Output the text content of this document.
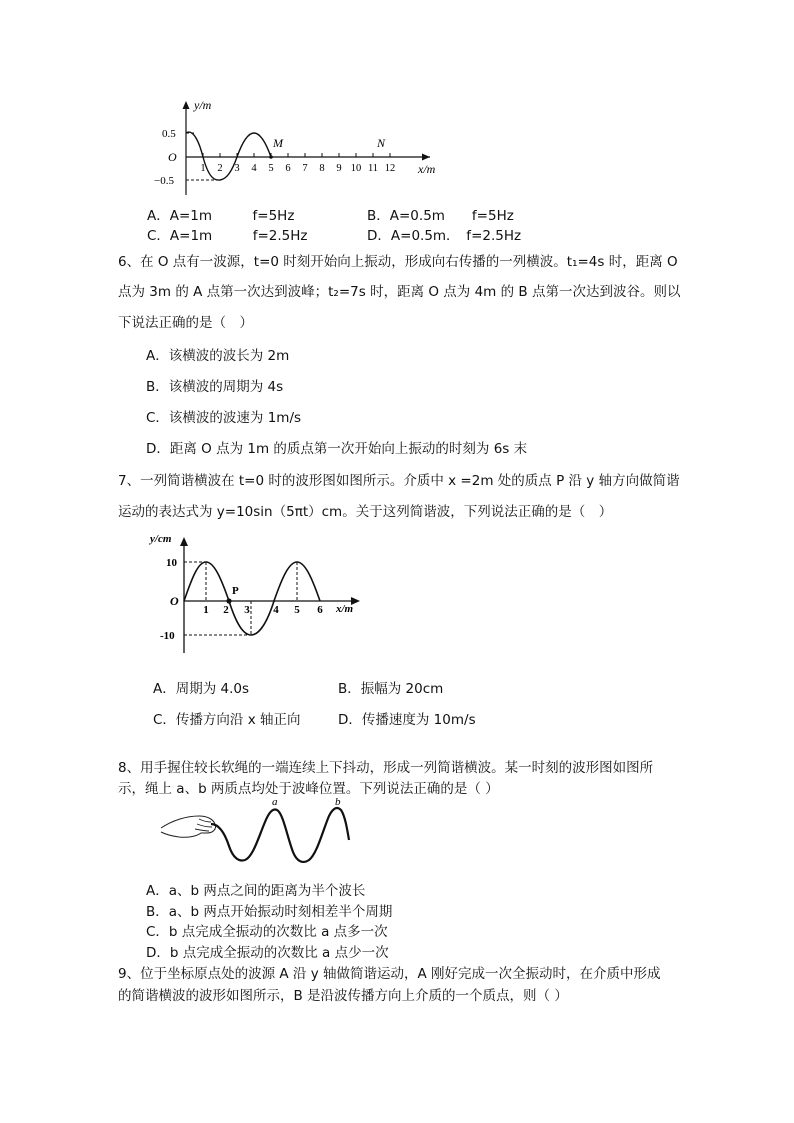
y/m
x/m
0.5
O
−0.5
1 2 3 4 5 6 7 8 9 10 11 12
M	N
A．A=1m　　　f=5Hz	B．A=0.5m　　f=5Hz
C．A=1m　　　f=2.5Hz	D．A=0.5m．　f=2.5Hz
6、在 O 点有一波源，t=0 时刻开始向上振动，形成向右传播的一列横波。t₁=4s 时，距离 O
点为 3m 的 A 点第一次达到波峰；t₂=7s 时，距离 O 点为 4m 的 B 点第一次达到波谷。则以
下说法正确的是（　）
A．该横波的波长为 2m
B．该横波的周期为 4s
C．该横波的波速为 1m/s
D．距离 O 点为 1m 的质点第一次开始向上振动的时刻为 6s 末
7、一列简谐横波在 t=0 时的波形图如图所示。介质中 x =2m 处的质点 P 沿 y 轴方向做简谐
运动的表达式为 y=10sin（5πt）cm。关于这列简谐波，下列说法正确的是（　）
y/cm
x/m
10
O
-10
1 2 3 4 5 6
P
A．周期为 4.0s	B．振幅为 20cm
C．传播方向沿 x 轴正向	D．传播速度为 10m/s
8、用手握住较长软绳的一端连续上下抖动，形成一列简谐横波。某一时刻的波形图如图所
示，绳上 a、b 两质点均处于波峰位置。下列说法正确的是（ ）
a	b
A．a、b 两点之间的距离为半个波长
B．a、b 两点开始振动时刻相差半个周期
C．b 点完成全振动的次数比 a 点多一次
D．b 点完成全振动的次数比 a 点少一次
9、位于坐标原点处的波源 A 沿 y 轴做简谐运动，A 刚好完成一次全振动时，在介质中形成
的简谐横波的波形如图所示，B 是沿波传播方向上介质的一个质点，则（ ）
